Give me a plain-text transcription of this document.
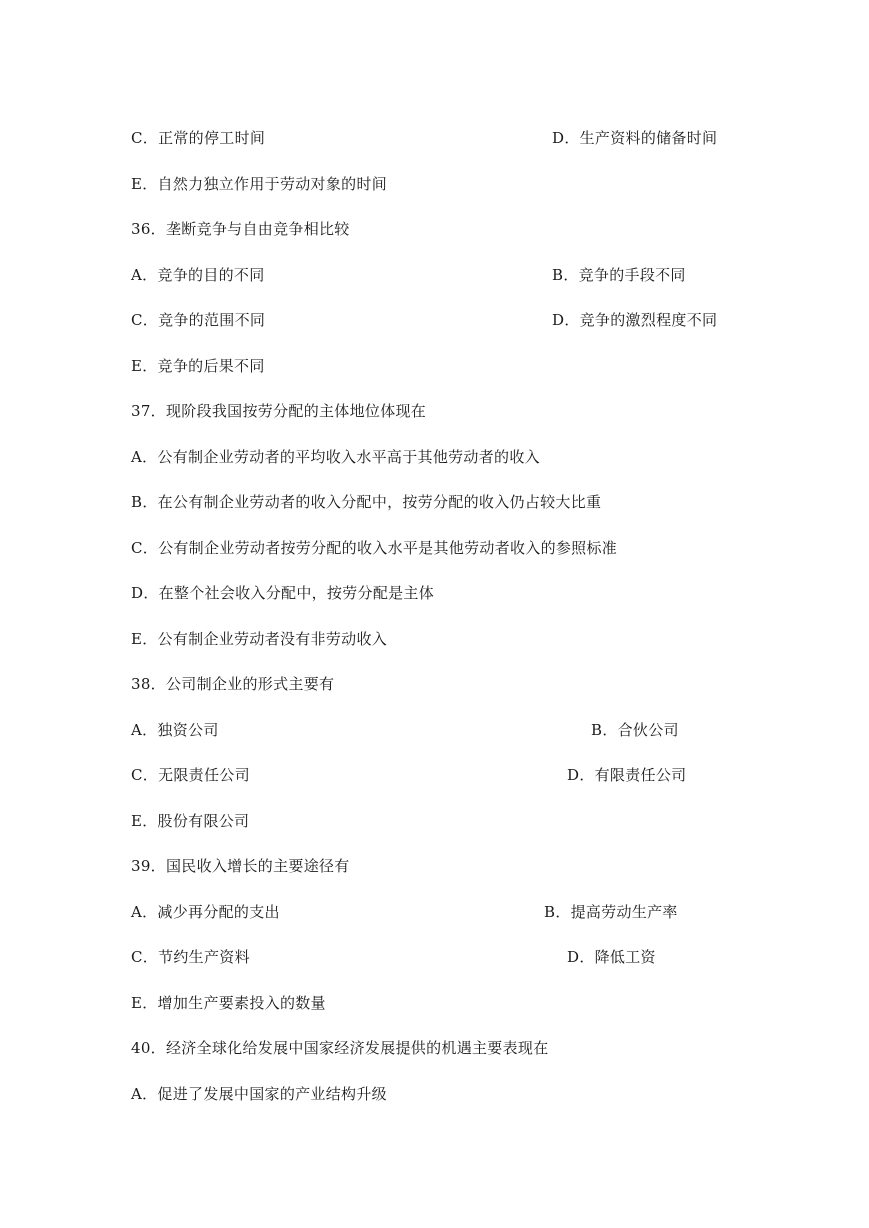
C．正常的停工时间	D．生产资料的储备时间
E．自然力独立作用于劳动对象的时间
36．垄断竞争与自由竞争相比较
A．竞争的目的不同	B．竞争的手段不同
C．竞争的范围不同	D．竞争的激烈程度不同
E．竞争的后果不同
37．现阶段我国按劳分配的主体地位体现在
A．公有制企业劳动者的平均收入水平高于其他劳动者的收入
B．在公有制企业劳动者的收入分配中，按劳分配的收入仍占较大比重
C．公有制企业劳动者按劳分配的收入水平是其他劳动者收入的参照标准
D．在整个社会收入分配中，按劳分配是主体
E．公有制企业劳动者没有非劳动收入
38．公司制企业的形式主要有
A．独资公司	B．合伙公司
C．无限责任公司	D．有限责任公司
E．股份有限公司
39．国民收入增长的主要途径有
A．减少再分配的支出	B．提高劳动生产率
C．节约生产资料	D．降低工资
E．增加生产要素投入的数量
40．经济全球化给发展中国家经济发展提供的机遇主要表现在
A．促进了发展中国家的产业结构升级
